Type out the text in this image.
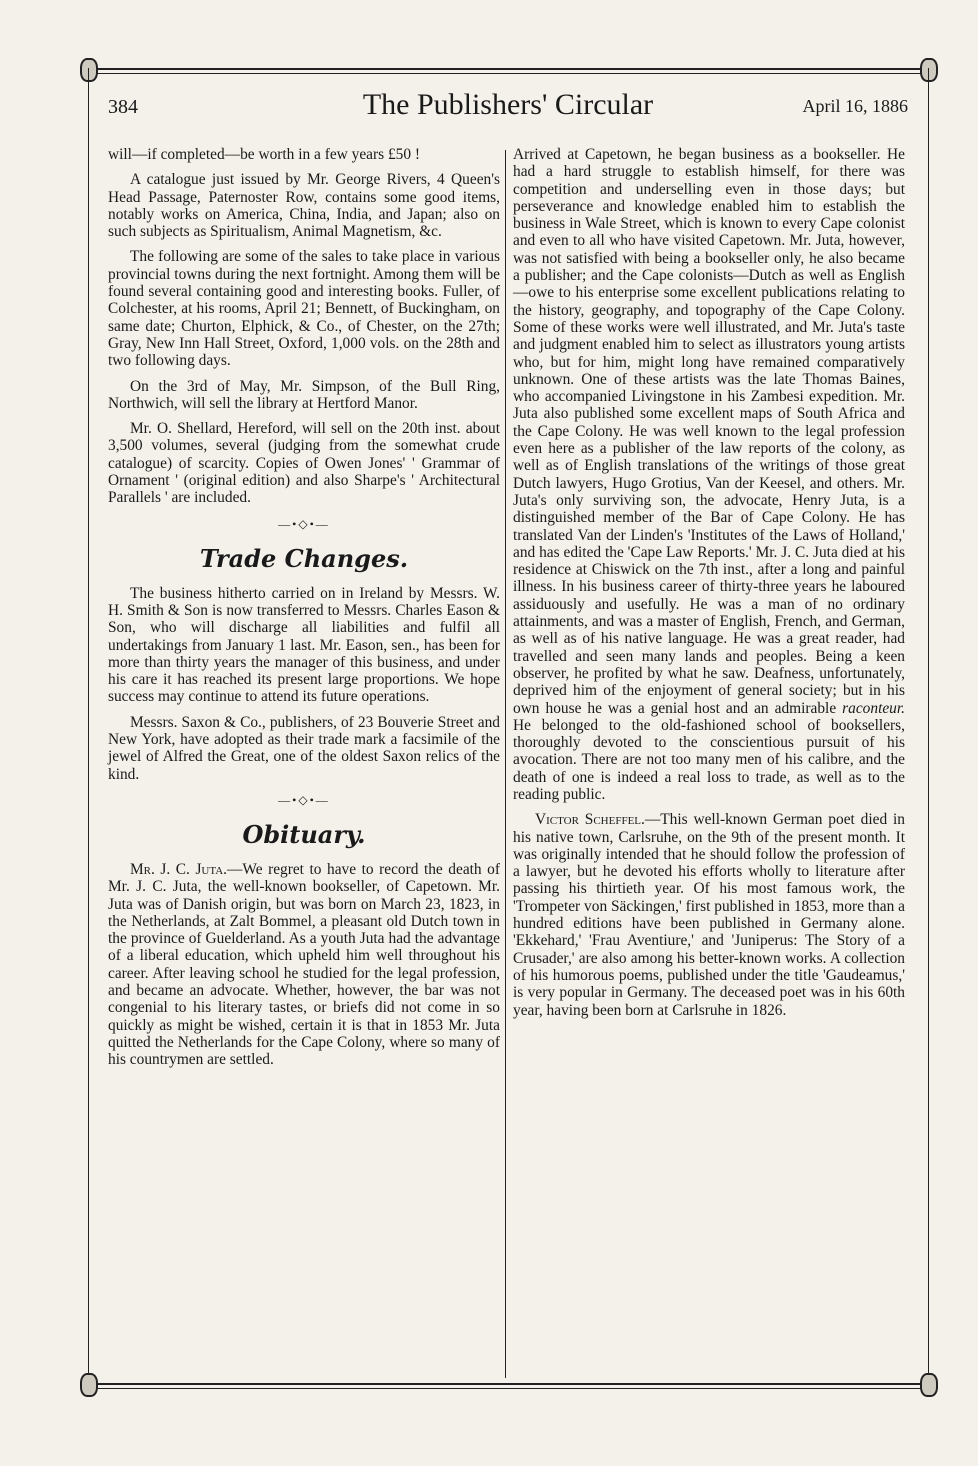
384	The Publishers' Circular	April 16, 1886

will—if completed—be worth in a few years £50 !

A catalogue just issued by Mr. George Rivers, 4 Queen's Head Passage, Paternoster Row, contains some good items, notably works on America, China, India, and Japan; also on such subjects as Spiritualism, Animal Magnetism, &c.

The following are some of the sales to take place in various provincial towns during the next fortnight. Among them will be found several containing good and interesting books. Fuller, of Colchester, at his rooms, April 21; Bennett, of Buckingham, on same date; Churton, Elphick, & Co., of Chester, on the 27th; Gray, New Inn Hall Street, Oxford, 1,000 vols. on the 28th and two following days.

On the 3rd of May, Mr. Simpson, of the Bull Ring, Northwich, will sell the library at Hertford Manor.

Mr. O. Shellard, Hereford, will sell on the 20th inst. about 3,500 volumes, several (judging from the somewhat crude catalogue) of scarcity. Copies of Owen Jones' ' Grammar of Ornament ' (original edition) and also Sharpe's ' Architectural Parallels ' are included.

—•◇•—
Trade Changes.

The business hitherto carried on in Ireland by Messrs. W. H. Smith & Son is now transferred to Messrs. Charles Eason & Son, who will discharge all liabilities and fulfil all undertakings from January 1 last. Mr. Eason, sen., has been for more than thirty years the manager of this business, and under his care it has reached its present large proportions. We hope success may continue to attend its future operations.

Messrs. Saxon & Co., publishers, of 23 Bouverie Street and New York, have adopted as their trade mark a facsimile of the jewel of Alfred the Great, one of the oldest Saxon relics of the kind.

—•◇•—
Obituary.

Mr. J. C. Juta.—We regret to have to record the death of Mr. J. C. Juta, the well-known bookseller, of Capetown. Mr. Juta was of Danish origin, but was born on March 23, 1823, in the Netherlands, at Zalt Bommel, a pleasant old Dutch town in the province of Guelderland. As a youth Juta had the advantage of a liberal education, which upheld him well throughout his career. After leaving school he studied for the legal profession, and became an advocate. Whether, however, the bar was not congenial to his literary tastes, or briefs did not come in so quickly as might be wished, certain it is that in 1853 Mr. Juta quitted the Netherlands for the Cape Colony, where so many of his countrymen are settled.

Arrived at Capetown, he began business as a bookseller. He had a hard struggle to establish himself, for there was competition and underselling even in those days; but perseverance and knowledge enabled him to establish the business in Wale Street, which is known to every Cape colonist and even to all who have visited Capetown. Mr. Juta, however, was not satisfied with being a bookseller only, he also became a publisher; and the Cape colonists—Dutch as well as English—owe to his enterprise some excellent publications relating to the history, geography, and topography of the Cape Colony. Some of these works were well illustrated, and Mr. Juta's taste and judgment enabled him to select as illustrators young artists who, but for him, might long have remained comparatively unknown. One of these artists was the late Thomas Baines, who accompanied Livingstone in his Zambesi expedition. Mr. Juta also published some excellent maps of South Africa and the Cape Colony. He was well known to the legal profession even here as a publisher of the law reports of the colony, as well as of English translations of the writings of those great Dutch lawyers, Hugo Grotius, Van der Keesel, and others. Mr. Juta's only surviving son, the advocate, Henry Juta, is a distinguished member of the Bar of Cape Colony. He has translated Van der Linden's 'Institutes of the Laws of Holland,' and has edited the 'Cape Law Reports.' Mr. J. C. Juta died at his residence at Chiswick on the 7th inst., after a long and painful illness. In his business career of thirty-three years he laboured assiduously and usefully. He was a man of no ordinary attainments, and was a master of English, French, and German, as well as of his native language. He was a great reader, had travelled and seen many lands and peoples. Being a keen observer, he profited by what he saw. Deafness, unfortunately, deprived him of the enjoyment of general society; but in his own house he was a genial host and an admirable raconteur. He belonged to the old-fashioned school of booksellers, thoroughly devoted to the conscientious pursuit of his avocation. There are not too many men of his calibre, and the death of one is indeed a real loss to trade, as well as to the reading public.

Victor Scheffel.—This well-known German poet died in his native town, Carlsruhe, on the 9th of the present month. It was originally intended that he should follow the profession of a lawyer, but he devoted his efforts wholly to literature after passing his thirtieth year. Of his most famous work, the 'Trompeter von Säckingen,' first published in 1853, more than a hundred editions have been published in Germany alone. 'Ekkehard,' 'Frau Aventiure,' and 'Juniperus: The Story of a Crusader,' are also among his better-known works. A collection of his humorous poems, published under the title 'Gaudeamus,' is very popular in Germany. The deceased poet was in his 60th year, having been born at Carlsruhe in 1826.
